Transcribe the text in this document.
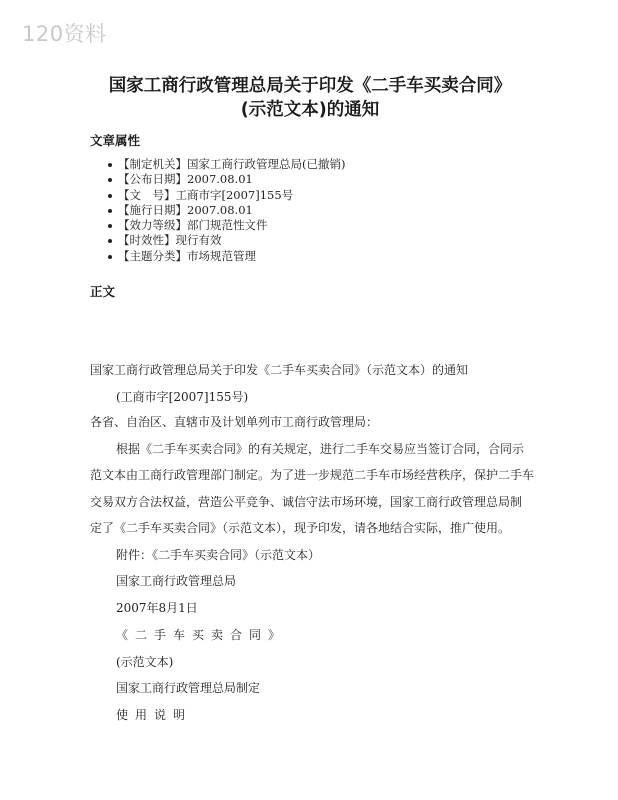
120资料
国家工商行政管理总局关于印发《二手车买卖合同》
(示范文本)的通知
文章属性
【制定机关】国家工商行政管理总局(已撤销)
【公布日期】2007.08.01
【文　号】工商市字[2007]155号
【施行日期】2007.08.01
【效力等级】部门规范性文件
【时效性】现行有效
【主题分类】市场规范管理
正文
国家工商行政管理总局关于印发《二手车买卖合同》（示范文本）的通知
(工商市字[2007]155号)
各省、自治区、直辖市及计划单列市工商行政管理局：
根据《二手车买卖合同》的有关规定，进行二手车交易应当签订合同，合同示
范文本由工商行政管理部门制定。为了进一步规范二手车市场经营秩序，保护二手车
交易双方合法权益，营造公平竞争、诚信守法市场环境，国家工商行政管理总局制
定了《二手车买卖合同》（示范文本），现予印发，请各地结合实际，推广使用。
附件：《二手车买卖合同》（示范文本）
国家工商行政管理总局
2007年8月1日
《二手车买卖合同》
(示范文本)
国家工商行政管理总局制定
使用说明
